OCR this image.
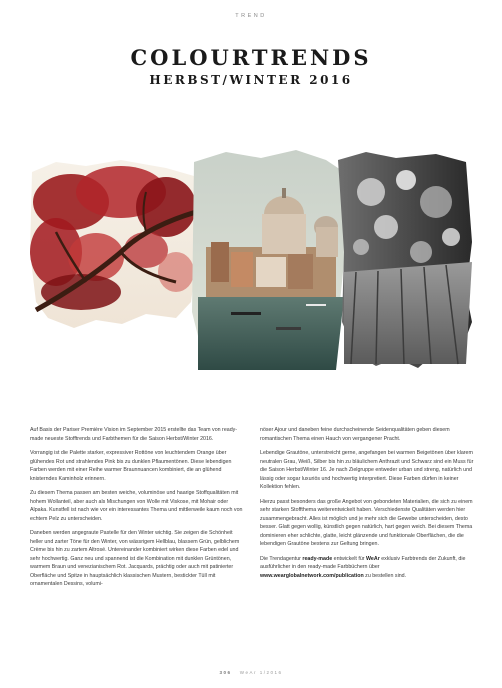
TREND
COLOURTRENDS
HERBST/WINTER 2016

Auf Basis der Pariser Première Vision im September 2015 erstellte das Team von ready-made neueste Stofftrends und Farbthemen für die Saison Herbst/Winter 2016.

Vorrangig ist die Palette starker, expressiver Rottöne von leuchtendem Orange über glühendes Rot und strahlendes Pink bis zu dunklen Pflaumentönen. Diese lebendigen Farben werden mit einer Reihe warmer Braunnuancen kombiniert, die an glühend knisterndes Kaminholz erinnern.

Zu diesem Thema passen am besten weiche, voluminöse und haarige Stoffqualitäten mit hohem Wollanteil, aber auch als Mischungen von Wolle mit Viskose, mit Mohair oder Alpaka. Kunstfell ist nach wie vor ein interessantes Thema und mittlerweile kaum noch von echtem Pelz zu unterscheiden.

Daneben werden angegraute Pastelle für den Winter wichtig. Sie zeigen die Schönheit heller und zarter Töne für den Winter, von wässrigem Hellblau, blassem Grün, gelblichem Crème bis hin zu zartem Altrosé. Untereinander kombiniert wirken diese Farben edel und sehr hochwertig. Ganz neu und spannend ist die Kombination mit dunklen Grüntönen, warmem Braun und venezianischem Rot. Jacquards, prächtig oder auch mit patinierter Oberfläche und Spitze in hauptsächlich klassischen Mustern, bestickter Tüll mit ornamentalen Dessins, volumi-

nöser Ajour und daneben feine durchscheinende Seidenqualitäten geben diesem romantischen Thema einen Hauch von vergangener Pracht.

Lebendige Grautöne, unterstreicht gerne, angefangen bei warmen Beigetönen über klarem neutralen Grau, Weiß, Silber bis hin zu bläulichem Anthrazit und Schwarz sind ein Muss für die Saison Herbst/Winter 16. Je nach Zielgruppe entweder urban und streng, natürlich und lässig oder sogar luxuriös und hochwertig interpretiert. Diese Farben dürfen in keiner Kollektion fehlen.

Hierzu passt besonders das große Angebot von gebondeten Materialien, die sich zu einem sehr starken Stoffthema weiterentwickelt haben. Verschiedenste Qualitäten werden hier zusammengebracht. Alles ist möglich und je mehr sich die Gewebe unterscheiden, desto besser. Glatt gegen wollig, künstlich gegen natürlich, hart gegen weich. Bei diesem Thema dominieren eher schlichte, glatte, leicht glänzende und funktionale Oberflächen, die die lebendigen Grautöne bestens zur Geltung bringen.

Die Trendagentur ready-made entwickelt für WeAr exklusiv Farbtrends der Zukunft, die ausführlicher in den ready-made Farbbüchern über www.wearglobalnetwork.com/publication zu bestellen sind.

306 WeAr 1/2016
